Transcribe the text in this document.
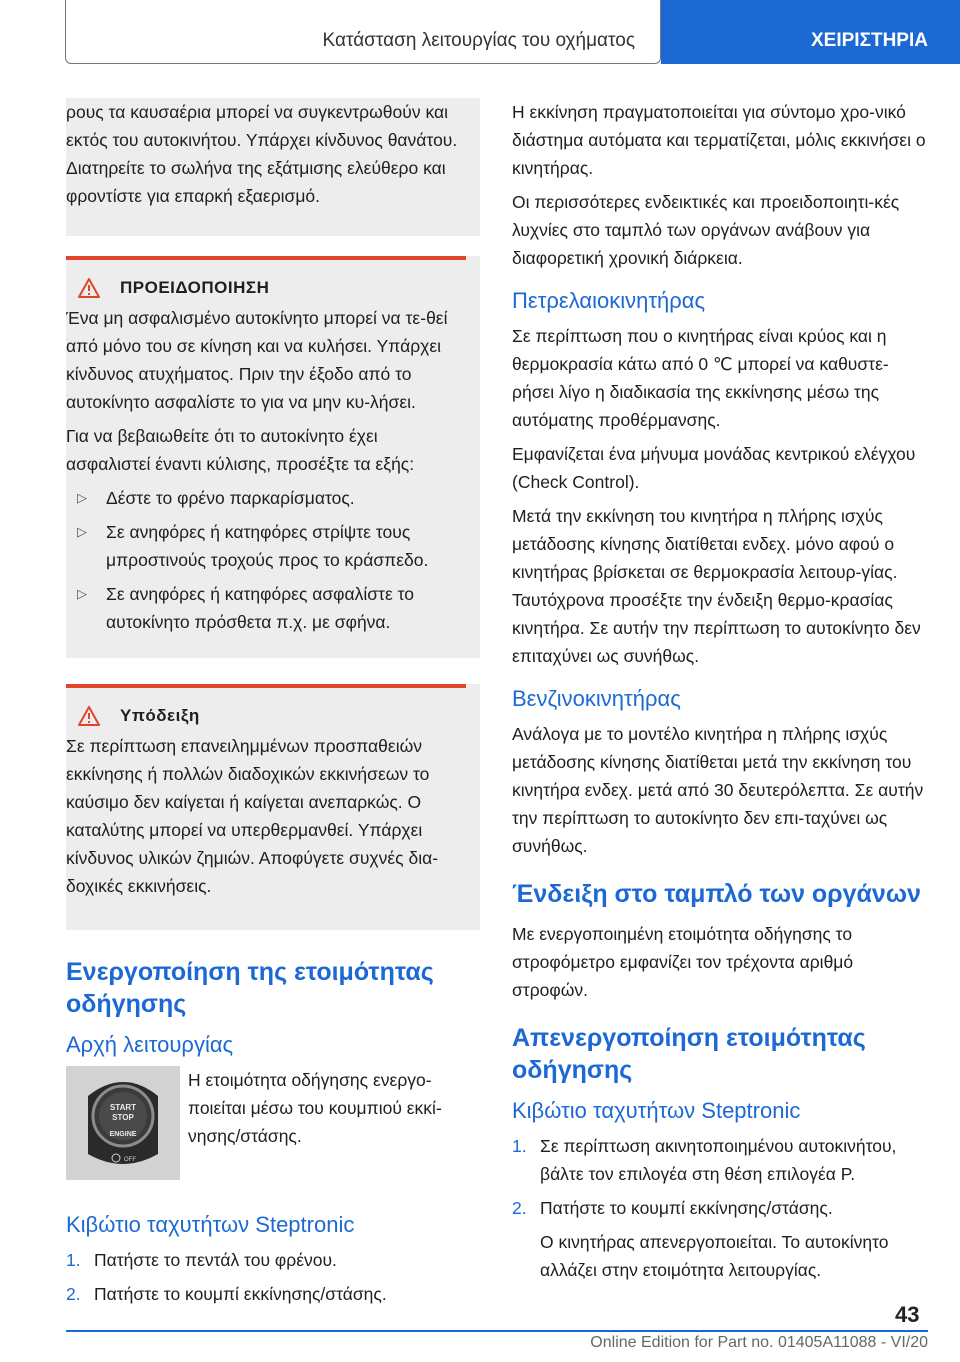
Κατάσταση λειτουργίας του οχήματος	ΧΕΙΡΙΣΤΗΡΙΑ

ρους τα καυσαέρια μπορεί να συγκεντρωθούν και εκτός του αυτοκινήτου. Υπάρχει κίνδυνος θανάτου. Διατηρείτε το σωλήνα της εξάτμισης ελεύθερο και φροντίστε για επαρκή εξαερισμό.

ΠΡΟΕΙΔΟΠΟΙΗΣΗ

Ένα μη ασφαλισμένο αυτοκίνητο μπορεί να τε-θεί από μόνο του σε κίνηση και να κυλήσει. Υπάρχει κίνδυνος ατυχήματος. Πριν την έξοδο από το αυτοκίνητο ασφαλίστε το για να μην κυ-λήσει.

Για να βεβαιωθείτε ότι το αυτοκίνητο έχει ασφαλιστεί έναντι κύλισης, προσέξτε τα εξής:

▷ Δέστε το φρένο παρκαρίσματος.
▷ Σε ανηφόρες ή κατηφόρες στρίψτε τους μπροστινούς τροχούς προς το κράσπεδο.
▷ Σε ανηφόρες ή κατηφόρες ασφαλίστε το αυτοκίνητο πρόσθετα π.χ. με σφήνα.
Υπόδειξη

Σε περίπτωση επανειλημμένων προσπαθειών εκκίνησης ή πολλών διαδοχικών εκκινήσεων το καύσιμο δεν καίγεται ή καίγεται ανεπαρκώς. Ο καταλύτης μπορεί να υπερθερμανθεί. Υπάρχει κίνδυνος υλικών ζημιών. Αποφύγετε συχνές δια-δοχικές εκκινήσεις.

Ενεργοποίηση της ετοιμότητας οδήγησης
Αρχή λειτουργίας
START
STOP
ENGINE
OFF

Η ετοιμότητα οδήγησης ενεργο-ποιείται μέσω του κουμπιού εκκί-νησης/στάσης.

Κιβώτιο ταχυτήτων Steptronic
1. Πατήστε το πεντάλ του φρένου.
2. Πατήστε το κουμπί εκκίνησης/στάσης.

Η εκκίνηση πραγματοποιείται για σύντομο χρο-νικό διάστημα αυτόματα και τερματίζεται, μόλις εκκινήσει ο κινητήρας.

Οι περισσότερες ενδεικτικές και προειδοποιητι-κές λυχνίες στο ταμπλό των οργάνων ανάβουν για διαφορετική χρονική διάρκεια.

Πετρελαιοκινητήρας

Σε περίπτωση που ο κινητήρας είναι κρύος και η θερμοκρασία κάτω από 0 ℃ μπορεί να καθυστε-ρήσει λίγο η διαδικασία της εκκίνησης μέσω της αυτόματης προθέρμανσης.

Εμφανίζεται ένα μήνυμα μονάδας κεντρικού ελέγχου (Check Control).

Μετά την εκκίνηση του κινητήρα η πλήρης ισχύς μετάδοσης κίνησης διατίθεται ενδεχ. μόνο αφού ο κινητήρας βρίσκεται σε θερμοκρασία λειτουρ-γίας. Ταυτόχρονα προσέξτε την ένδειξη θερμο-κρασίας κινητήρα. Σε αυτήν την περίπτωση το αυτοκίνητο δεν επιταχύνει ως συνήθως.

Βενζινοκινητήρας

Ανάλογα με το μοντέλο κινητήρα η πλήρης ισχύς μετάδοσης κίνησης διατίθεται μετά την εκκίνηση του κινητήρα ενδεχ. μετά από 30 δευτερόλεπτα. Σε αυτήν την περίπτωση το αυτοκίνητο δεν επι-ταχύνει ως συνήθως.

Ένδειξη στο ταμπλό των οργάνων

Με ενεργοποιημένη ετοιμότητα οδήγησης το στροφόμετρο εμφανίζει τον τρέχοντα αριθμό στροφών.

Απενεργοποίηση ετοιμότητας οδήγησης
Κιβώτιο ταχυτήτων Steptronic
1. Σε περίπτωση ακινητοποιημένου αυτοκινήτου, βάλτε τον επιλογέα στη θέση επιλογέα P.
2. Πατήστε το κουμπί εκκίνησης/στάσης.

Ο κινητήρας απενεργοποιείται. Το αυτοκίνητο αλλάζει στην ετοιμότητα λειτουργίας.

43
Online Edition for Part no. 01405A11088 - VI/20
